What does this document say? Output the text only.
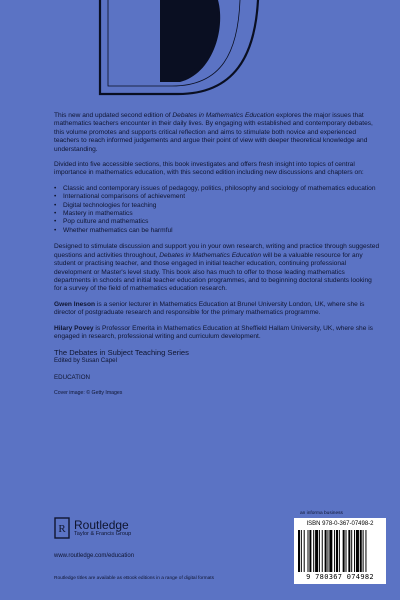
This new and updated second edition of Debates in Mathematics Education explores the major issues that mathematics teachers encounter in their daily lives. By engaging with established and contemporary debates, this volume promotes and supports critical reflection and aims to stimulate both novice and experienced teachers to reach informed judgements and argue their point of view with deeper theoretical knowledge and understanding.

Divided into five accessible sections, this book investigates and offers fresh insight into topics of central importance in mathematics education, with this second edition including new discussions and chapters on:

• Classic and contemporary issues of pedagogy, politics, philosophy and sociology of mathematics education
• International comparisons of achievement
• Digital technologies for teaching
• Mastery in mathematics
• Pop culture and mathematics
• Whether mathematics can be harmful

Designed to stimulate discussion and support you in your own research, writing and practice through suggested questions and activities throughout, Debates in Mathematics Education will be a valuable resource for any student or practising teacher, and those engaged in initial teacher education, continuing professional development or Master's level study. This book also has much to offer to those leading mathematics departments in schools and initial teacher education programmes, and to beginning doctoral students looking for a survey of the field of mathematics education research.

Gwen Ineson is a senior lecturer in Mathematics Education at Brunel University London, UK, where she is director of postgraduate research and responsible for the primary mathematics programme.

Hilary Povey is Professor Emerita in Mathematics Education at Sheffield Hallam University, UK, where she is engaged in research, professional writing and curriculum development.

The Debates in Subject Teaching Series
Edited by Susan Capel
EDUCATION
Cover image: © Getty Images
R Routledge
Taylor & Francis Group
www.routledge.com/education
Routledge titles are available as eBook editions in a range of digital formats
an informa business
ISBN 978-0-367-07498-2
9 780367 074982
